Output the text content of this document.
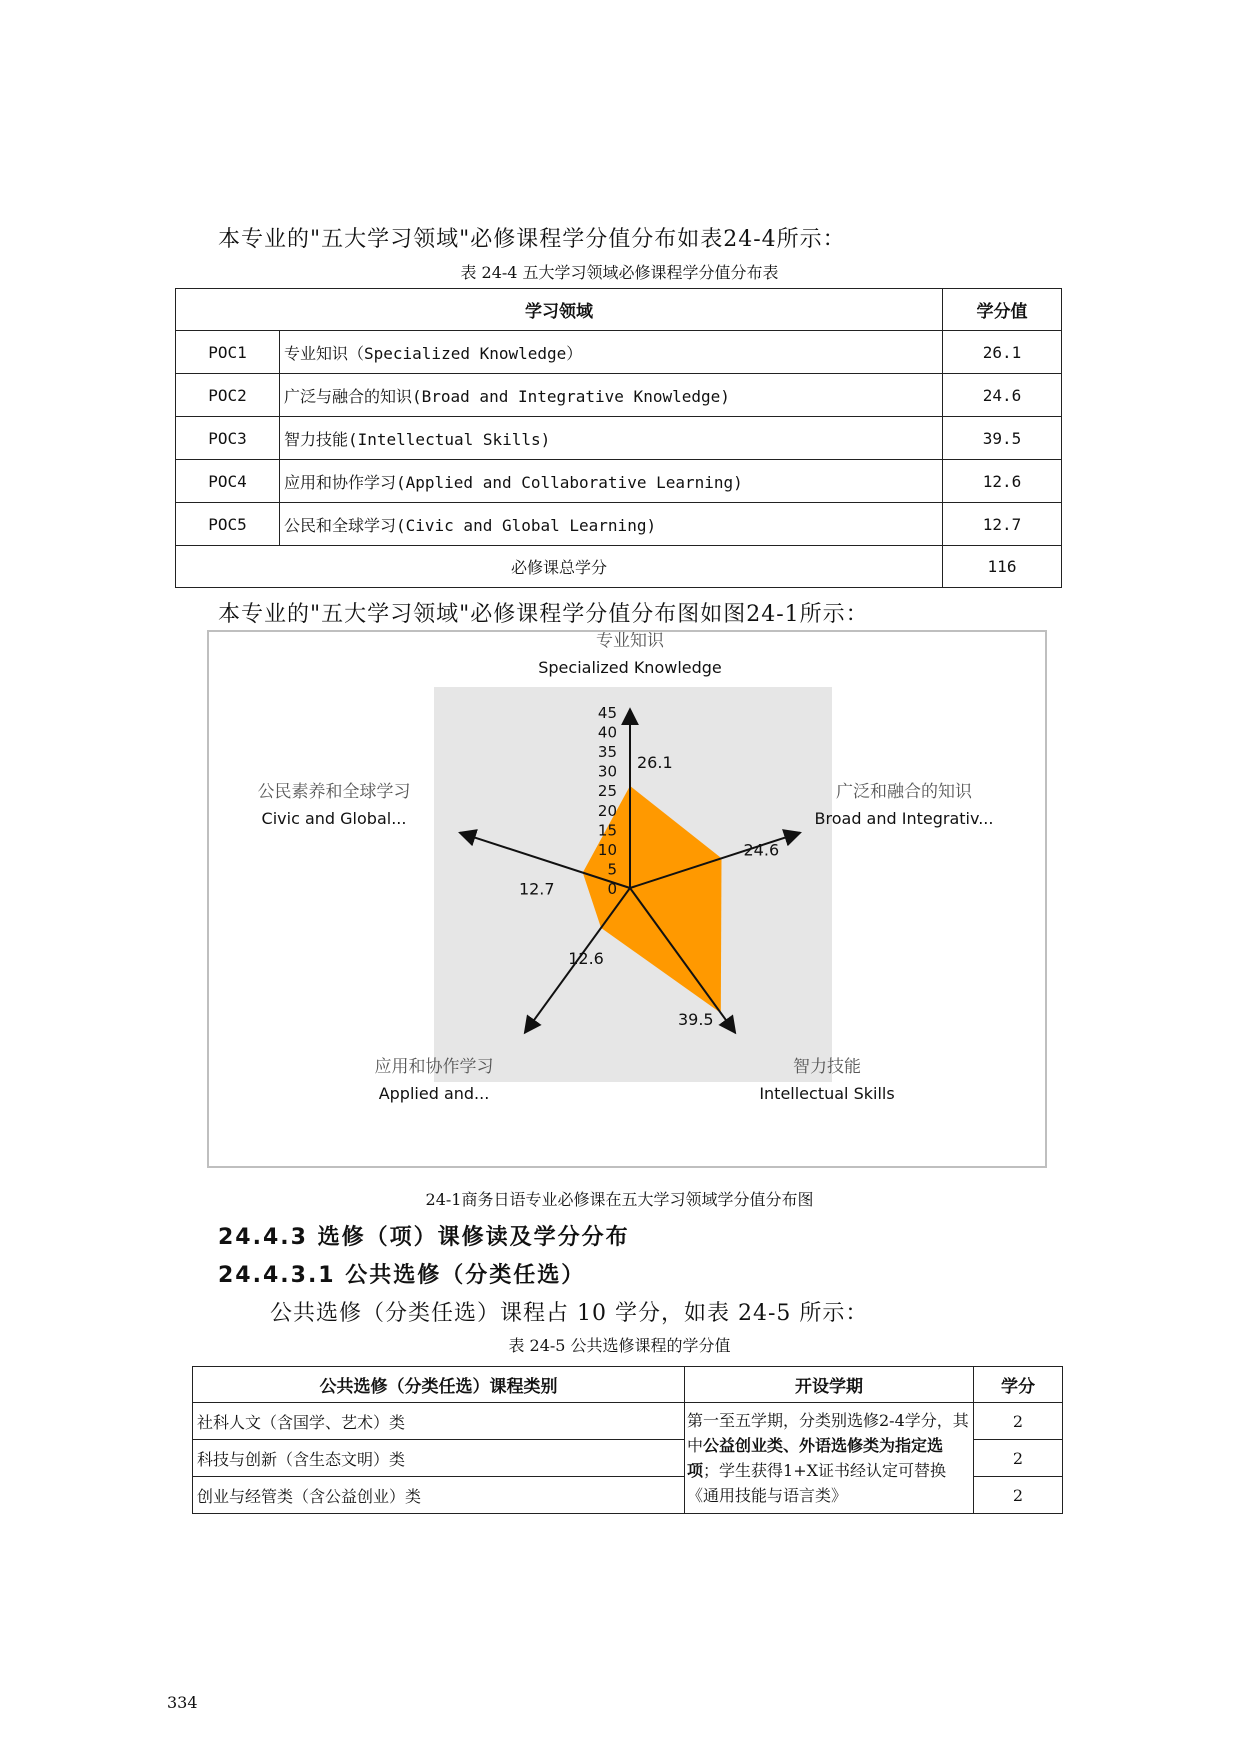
本专业的"五大学习领域"必修课程学分值分布如表24-4所示：
表 24-4 五大学习领域必修课程学分值分布表
学习领域		学分值
POC1	专业知识（Specialized Knowledge）	26.1
POC2	广泛与融合的知识(Broad and Integrative Knowledge)	24.6
POC3	智力技能(Intellectual Skills)	39.5
POC4	应用和协作学习(Applied and Collaborative Learning)	12.6
POC5	公民和全球学习(Civic and Global Learning)	12.7
必修课总学分		116
本专业的"五大学习领域"必修课程学分值分布图如图24-1所示：
0
5
10
15
20
25
30
35
40
45
26.1
24.6
39.5
12.6
12.7
专业知识
Specialized Knowledge
广泛和融合的知识
Broad and Integrativ...
智力技能
Intellectual Skills
应用和协作学习
Applied and...
公民素养和全球学习
Civic and Global...
24-1商务日语专业必修课在五大学习领域学分值分布图
24.4.3 选修（项）课修读及学分分布
24.4.3.1 公共选修（分类任选）
公共选修（分类任选）课程占 10 学分，如表 24-5 所示：
表 24-5 公共选修课程的学分值
公共选修（分类任选）课程类别	开设学期	学分
社科人文（含国学、艺术）类	第一至五学期，分类别选修2-4学分，其中公益创业类、外语选修类为指定选项；学生获得1+X证书经认定可替换《通用技能与语言类》	2
科技与创新（含生态文明）类		2
创业与经管类（含公益创业）类		2
334
